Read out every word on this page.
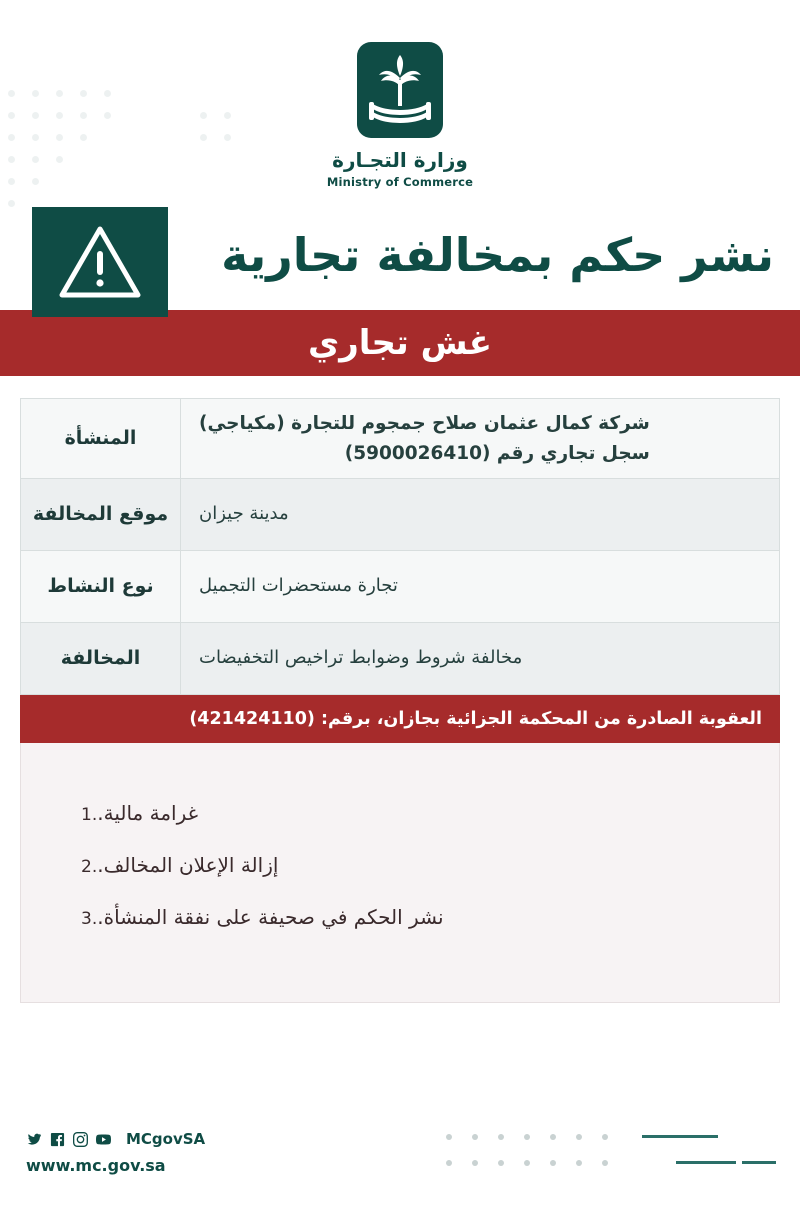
وزارة التجـارة
Ministry of Commerce
نشر حكم بمخالفة تجارية
غش تجاري
شركة كمال عثمان صلاح جمجوم للتجارة (مكياجي)
سجل تجاري رقم (5900026410)
المنشأة
مدينة جيزان
موقع المخالفة
تجارة مستحضرات التجميل
نوع النشاط
مخالفة شروط وضوابط تراخيص التخفيضات
المخالفة
العقوبة الصادرة من المحكمة الجزائية بجازان، برقم: (421424110)
غرامة مالية.
1.
إزالة الإعلان المخالف.
2.
نشر الحكم في صحيفة على نفقة المنشأة.
3.
MCgovSA
www.mc.gov.sa
